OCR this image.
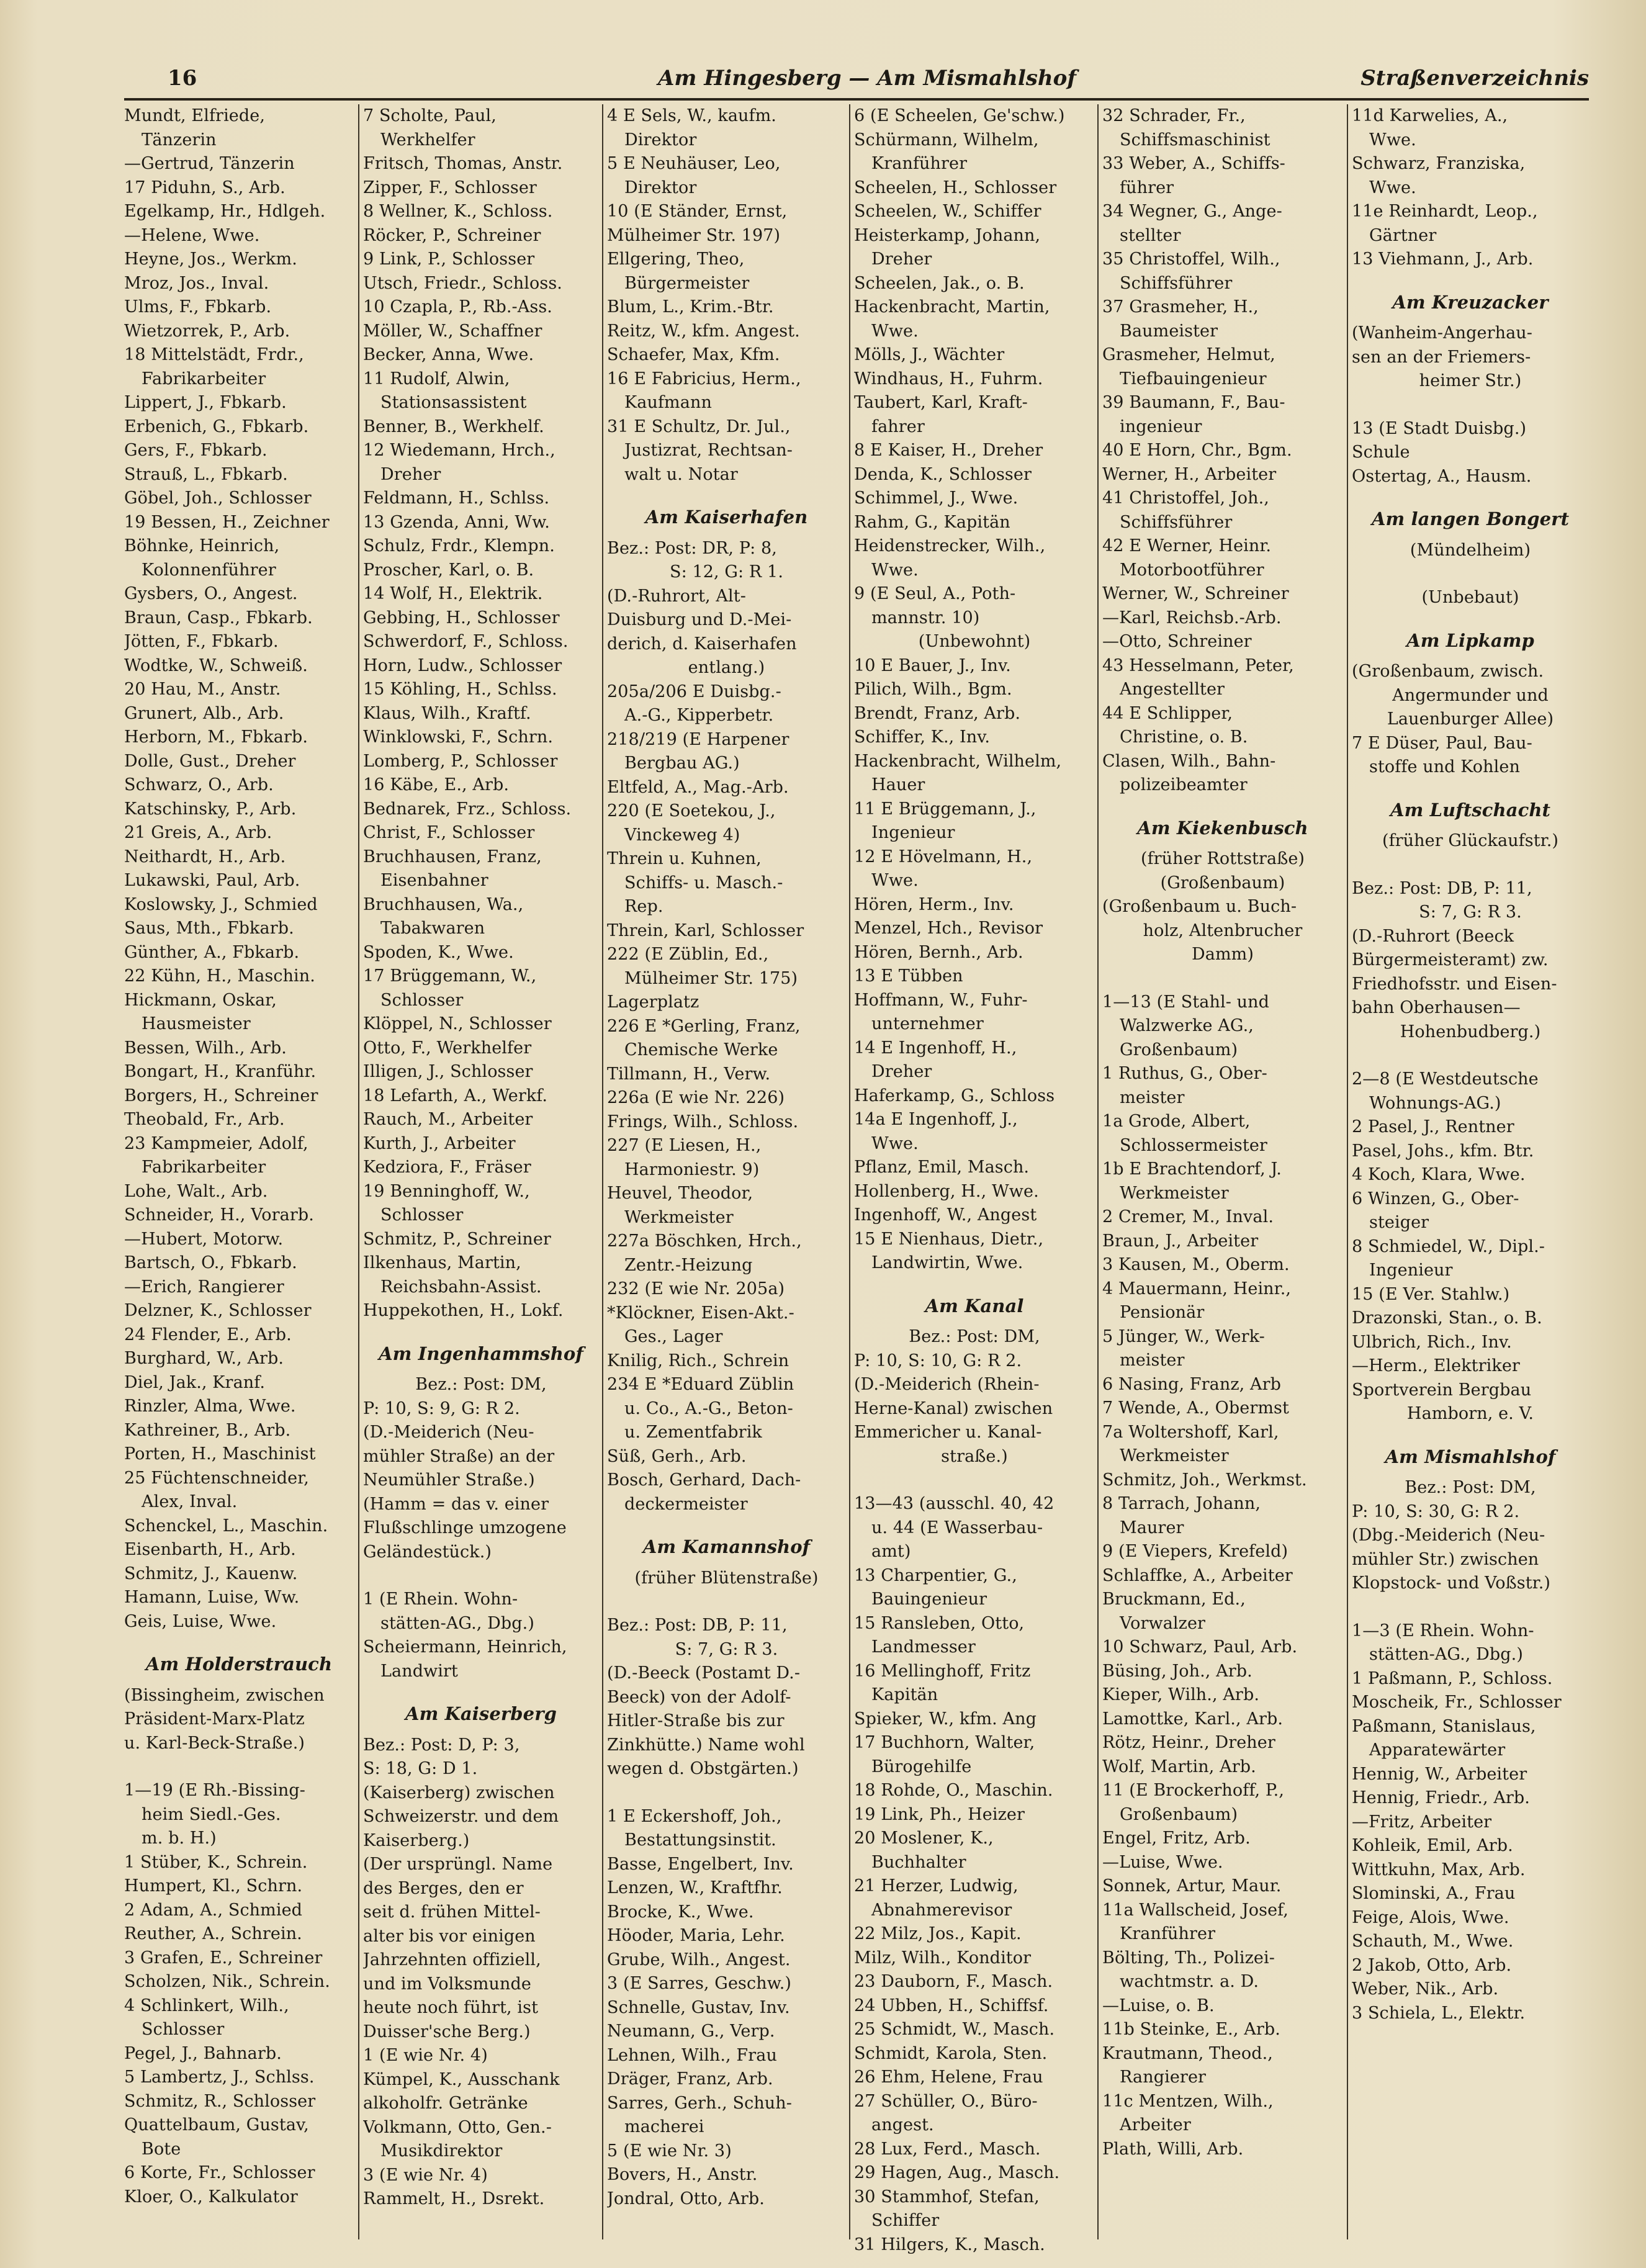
16	Am Hingesberg — Am Mismahlshof	Straßenverzeichnis
Mundt, Elfriede,
Tänzerin
—Gertrud, Tänzerin
17 Piduhn, S., Arb.
Egelkamp, Hr., Hdlgeh.
—Helene, Wwe.
Heyne, Jos., Werkm.
Mroz, Jos., Inval.
Ulms, F., Fbkarb.
Wietzorrek, P., Arb.
18 Mittelstädt, Frdr.,
Fabrikarbeiter
Lippert, J., Fbkarb.
Erbenich, G., Fbkarb.
Gers, F., Fbkarb.
Strauß, L., Fbkarb.
Göbel, Joh., Schlosser
19 Bessen, H., Zeichner
Böhnke, Heinrich,
Kolonnenführer
Gysbers, O., Angest.
Braun, Casp., Fbkarb.
Jötten, F., Fbkarb.
Wodtke, W., Schweiß.
20 Hau, M., Anstr.
Grunert, Alb., Arb.
Herborn, M., Fbkarb.
Dolle, Gust., Dreher
Schwarz, O., Arb.
Katschinsky, P., Arb.
21 Greis, A., Arb.
Neithardt, H., Arb.
Lukawski, Paul, Arb.
Koslowsky, J., Schmied
Saus, Mth., Fbkarb.
Günther, A., Fbkarb.
22 Kühn, H., Maschin.
Hickmann, Oskar,
Hausmeister
Bessen, Wilh., Arb.
Bongart, H., Kranführ.
Borgers, H., Schreiner
Theobald, Fr., Arb.
23 Kampmeier, Adolf,
Fabrikarbeiter
Lohe, Walt., Arb.
Schneider, H., Vorarb.
—Hubert, Motorw.
Bartsch, O., Fbkarb.
—Erich, Rangierer
Delzner, K., Schlosser
24 Flender, E., Arb.
Burghard, W., Arb.
Diel, Jak., Kranf.
Rinzler, Alma, Wwe.
Kathreiner, B., Arb.
Porten, H., Maschinist
25 Füchtenschneider,
Alex, Inval.
Schenckel, L., Maschin.
Eisenbarth, H., Arb.
Schmitz, J., Kauenw.
Hamann, Luise, Ww.
Geis, Luise, Wwe.
Am Holderstrauch
(Bissingheim, zwischen
Präsident-Marx-Platz
u. Karl-Beck-Straße.)
1—19 (E Rh.-Bissing-
heim Siedl.-Ges.
m. b. H.)
1 Stüber, K., Schrein.
Humpert, Kl., Schrn.
2 Adam, A., Schmied
Reuther, A., Schrein.
3 Grafen, E., Schreiner
Scholzen, Nik., Schrein.
4 Schlinkert, Wilh.,
Schlosser
Pegel, J., Bahnarb.
5 Lambertz, J., Schlss.
Schmitz, R., Schlosser
Quattelbaum, Gustav,
Bote
6 Korte, Fr., Schlosser
Kloer, O., Kalkulator
7 Scholte, Paul,
Werkhelfer
Fritsch, Thomas, Anstr.
Zipper, F., Schlosser
8 Wellner, K., Schloss.
Röcker, P., Schreiner
9 Link, P., Schlosser
Utsch, Friedr., Schloss.
10 Czapla, P., Rb.-Ass.
Möller, W., Schaffner
Becker, Anna, Wwe.
11 Rudolf, Alwin,
Stationsassistent
Benner, B., Werkhelf.
12 Wiedemann, Hrch.,
Dreher
Feldmann, H., Schlss.
13 Gzenda, Anni, Ww.
Schulz, Frdr., Klempn.
Proscher, Karl, o. B.
14 Wolf, H., Elektrik.
Gebbing, H., Schlosser
Schwerdorf, F., Schloss.
Horn, Ludw., Schlosser
15 Köhling, H., Schlss.
Klaus, Wilh., Kraftf.
Winklowski, F., Schrn.
Lomberg, P., Schlosser
16 Käbe, E., Arb.
Bednarek, Frz., Schloss.
Christ, F., Schlosser
Bruchhausen, Franz,
Eisenbahner
Bruchhausen, Wa.,
Tabakwaren
Spoden, K., Wwe.
17 Brüggemann, W.,
Schlosser
Klöppel, N., Schlosser
Otto, F., Werkhelfer
Illigen, J., Schlosser
18 Lefarth, A., Werkf.
Rauch, M., Arbeiter
Kurth, J., Arbeiter
Kedziora, F., Fräser
19 Benninghoff, W.,
Schlosser
Schmitz, P., Schreiner
Ilkenhaus, Martin,
Reichsbahn-Assist.
Huppekothen, H., Lokf.
Am Ingenhammshof
Bez.: Post: DM,
P: 10, S: 9, G: R 2.
(D.-Meiderich (Neu-
mühler Straße) an der
Neumühler Straße.)
(Hamm = das v. einer
Flußschlinge umzogene
Geländestück.)
1 (E Rhein. Wohn-
stätten-AG., Dbg.)
Scheiermann, Heinrich,
Landwirt
Am Kaiserberg
Bez.: Post: D, P: 3,
S: 18, G: D 1.
(Kaiserberg) zwischen
Schweizerstr. und dem
Kaiserberg.)
(Der ursprüngl. Name
des Berges, den er
seit d. frühen Mittel-
alter bis vor einigen
Jahrzehnten offiziell,
und im Volksmunde
heute noch führt, ist
Duisser'sche Berg.)
1 (E wie Nr. 4)
Kümpel, K., Ausschank
alkoholfr. Getränke
Volkmann, Otto, Gen.-
Musikdirektor
3 (E wie Nr. 4)
Rammelt, H., Dsrekt.
4 E Sels, W., kaufm.
Direktor
5 E Neuhäuser, Leo,
Direktor
10 (E Ständer, Ernst,
Mülheimer Str. 197)
Ellgering, Theo,
Bürgermeister
Blum, L., Krim.-Btr.
Reitz, W., kfm. Angest.
Schaefer, Max, Kfm.
16 E Fabricius, Herm.,
Kaufmann
31 E Schultz, Dr. Jul.,
Justizrat, Rechtsan-
walt u. Notar
Am Kaiserhafen
Bez.: Post: DR, P: 8,
S: 12, G: R 1.
(D.-Ruhrort, Alt-
Duisburg und D.-Mei-
derich, d. Kaiserhafen
entlang.)
205a/206 E Duisbg.-
A.-G., Kipperbetr.
218/219 (E Harpener
Bergbau AG.)
Eltfeld, A., Mag.-Arb.
220 (E Soetekou, J.,
Vinckeweg 4)
Threin u. Kuhnen,
Schiffs- u. Masch.-
Rep.
Threin, Karl, Schlosser
222 (E Züblin, Ed.,
Mülheimer Str. 175)
Lagerplatz
226 E *Gerling, Franz,
Chemische Werke
Tillmann, H., Verw.
226a (E wie Nr. 226)
Frings, Wilh., Schloss.
227 (E Liesen, H.,
Harmoniestr. 9)
Heuvel, Theodor,
Werkmeister
227a Böschken, Hrch.,
Zentr.-Heizung
232 (E wie Nr. 205a)
*Klöckner, Eisen-Akt.-
Ges., Lager
Knilig, Rich., Schrein
234 E *Eduard Züblin
u. Co., A.-G., Beton-
u. Zementfabrik
Süß, Gerh., Arb.
Bosch, Gerhard, Dach-
deckermeister
Am Kamannshof
(früher Blütenstraße)
Bez.: Post: DB, P: 11,
S: 7, G: R 3.
(D.-Beeck (Postamt D.-
Beeck) von der Adolf-
Hitler-Straße bis zur
Zinkhütte.) Name wohl
wegen d. Obstgärten.)
1 E Eckershoff, Joh.,
Bestattungsinstit.
Basse, Engelbert, Inv.
Lenzen, W., Kraftfhr.
Brocke, K., Wwe.
Höoder, Maria, Lehr.
Grube, Wilh., Angest.
3 (E Sarres, Geschw.)
Schnelle, Gustav, Inv.
Neumann, G., Verp.
Lehnen, Wilh., Frau
Dräger, Franz, Arb.
Sarres, Gerh., Schuh-
macherei
5 (E wie Nr. 3)
Bovers, H., Anstr.
Jondral, Otto, Arb.
6 (E Scheelen, Ge'schw.)
Schürmann, Wilhelm,
Kranführer
Scheelen, H., Schlosser
Scheelen, W., Schiffer
Heisterkamp, Johann,
Dreher
Scheelen, Jak., o. B.
Hackenbracht, Martin,
Wwe.
Mölls, J., Wächter
Windhaus, H., Fuhrm.
Taubert, Karl, Kraft-
fahrer
8 E Kaiser, H., Dreher
Denda, K., Schlosser
Schimmel, J., Wwe.
Rahm, G., Kapitän
Heidenstrecker, Wilh.,
Wwe.
9 (E Seul, A., Poth-
mannstr. 10)
(Unbewohnt)
10 E Bauer, J., Inv.
Pilich, Wilh., Bgm.
Brendt, Franz, Arb.
Schiffer, K., Inv.
Hackenbracht, Wilhelm,
Hauer
11 E Brüggemann, J.,
Ingenieur
12 E Hövelmann, H.,
Wwe.
Hören, Herm., Inv.
Menzel, Hch., Revisor
Hören, Bernh., Arb.
13 E Tübben
Hoffmann, W., Fuhr-
unternehmer
14 E Ingenhoff, H.,
Dreher
Haferkamp, G., Schloss
14a E Ingenhoff, J.,
Wwe.
Pflanz, Emil, Masch.
Hollenberg, H., Wwe.
Ingenhoff, W., Angest
15 E Nienhaus, Dietr.,
Landwirtin, Wwe.
Am Kanal
Bez.: Post: DM,
P: 10, S: 10, G: R 2.
(D.-Meiderich (Rhein-
Herne-Kanal) zwischen
Emmericher u. Kanal-
straße.)
13—43 (ausschl. 40, 42
u. 44 (E Wasserbau-
amt)
13 Charpentier, G.,
Bauingenieur
15 Ransleben, Otto,
Landmesser
16 Mellinghoff, Fritz
Kapitän
Spieker, W., kfm. Ang
17 Buchhorn, Walter,
Bürogehilfe
18 Rohde, O., Maschin.
19 Link, Ph., Heizer
20 Moslener, K.,
Buchhalter
21 Herzer, Ludwig,
Abnahmerevisor
22 Milz, Jos., Kapit.
Milz, Wilh., Konditor
23 Dauborn, F., Masch.
24 Ubben, H., Schiffsf.
25 Schmidt, W., Masch.
Schmidt, Karola, Sten.
26 Ehm, Helene, Frau
27 Schüller, O., Büro-
angest.
28 Lux, Ferd., Masch.
29 Hagen, Aug., Masch.
30 Stammhof, Stefan,
Schiffer
31 Hilgers, K., Masch.
32 Schrader, Fr.,
Schiffsmaschinist
33 Weber, A., Schiffs-
führer
34 Wegner, G., Ange-
stellter
35 Christoffel, Wilh.,
Schiffsführer
37 Grasmeher, H.,
Baumeister
Grasmeher, Helmut,
Tiefbauingenieur
39 Baumann, F., Bau-
ingenieur
40 E Horn, Chr., Bgm.
Werner, H., Arbeiter
41 Christoffel, Joh.,
Schiffsführer
42 E Werner, Heinr.
Motorbootführer
Werner, W., Schreiner
—Karl, Reichsb.-Arb.
—Otto, Schreiner
43 Hesselmann, Peter,
Angestellter
44 E Schlipper,
Christine, o. B.
Clasen, Wilh., Bahn-
polizeibeamter
Am Kiekenbusch
(früher Rottstraße)
(Großenbaum)
(Großenbaum u. Buch-
holz, Altenbrucher
Damm)
1—13 (E Stahl- und
Walzwerke AG.,
Großenbaum)
1 Ruthus, G., Ober-
meister
1a Grode, Albert,
Schlossermeister
1b E Brachtendorf, J.
Werkmeister
2 Cremer, M., Inval.
Braun, J., Arbeiter
3 Kausen, M., Oberm.
4 Mauermann, Heinr.,
Pensionär
5 Jünger, W., Werk-
meister
6 Nasing, Franz, Arb
7 Wende, A., Obermst
7a Woltershoff, Karl,
Werkmeister
Schmitz, Joh., Werkmst.
8 Tarrach, Johann,
Maurer
9 (E Viepers, Krefeld)
Schlaffke, A., Arbeiter
Bruckmann, Ed.,
Vorwalzer
10 Schwarz, Paul, Arb.
Büsing, Joh., Arb.
Kieper, Wilh., Arb.
Lamottke, Karl., Arb.
Rötz, Heinr., Dreher
Wolf, Martin, Arb.
11 (E Brockerhoff, P.,
Großenbaum)
Engel, Fritz, Arb.
—Luise, Wwe.
Sonnek, Artur, Maur.
11a Wallscheid, Josef,
Kranführer
Bölting, Th., Polizei-
wachtmstr. a. D.
—Luise, o. B.
11b Steinke, E., Arb.
Krautmann, Theod.,
Rangierer
11c Mentzen, Wilh.,
Arbeiter
Plath, Willi, Arb.
11d Karwelies, A.,
Wwe.
Schwarz, Franziska,
Wwe.
11e Reinhardt, Leop.,
Gärtner
13 Viehmann, J., Arb.
Am Kreuzacker
(Wanheim-Angerhau-
sen an der Friemers-
heimer Str.)
13 (E Stadt Duisbg.)
Schule
Ostertag, A., Hausm.
Am langen Bongert
(Mündelheim)
(Unbebaut)
Am Lipkamp
(Großenbaum, zwisch.
Angermunder und
Lauenburger Allee)
7 E Düser, Paul, Bau-
stoffe und Kohlen
Am Luftschacht
(früher Glückaufstr.)
Bez.: Post: DB, P: 11,
S: 7, G: R 3.
(D.-Ruhrort (Beeck
Bürgermeisteramt) zw.
Friedhofsstr. und Eisen-
bahn Oberhausen—
Hohenbudberg.)
2—8 (E Westdeutsche
Wohnungs-AG.)
2 Pasel, J., Rentner
Pasel, Johs., kfm. Btr.
4 Koch, Klara, Wwe.
6 Winzen, G., Ober-
steiger
8 Schmiedel, W., Dipl.-
Ingenieur
15 (E Ver. Stahlw.)
Drazonski, Stan., o. B.
Ulbrich, Rich., Inv.
—Herm., Elektriker
Sportverein Bergbau
Hamborn, e. V.
Am Mismahlshof
Bez.: Post: DM,
P: 10, S: 30, G: R 2.
(Dbg.-Meiderich (Neu-
mühler Str.) zwischen
Klopstock- und Voßstr.)
1—3 (E Rhein. Wohn-
stätten-AG., Dbg.)
1 Paßmann, P., Schloss.
Moscheik, Fr., Schlosser
Paßmann, Stanislaus,
Apparatewärter
Hennig, W., Arbeiter
Hennig, Friedr., Arb.
—Fritz, Arbeiter
Kohleik, Emil, Arb.
Wittkuhn, Max, Arb.
Slominski, A., Frau
Feige, Alois, Wwe.
Schauth, M., Wwe.
2 Jakob, Otto, Arb.
Weber, Nik., Arb.
3 Schiela, L., Elektr.
